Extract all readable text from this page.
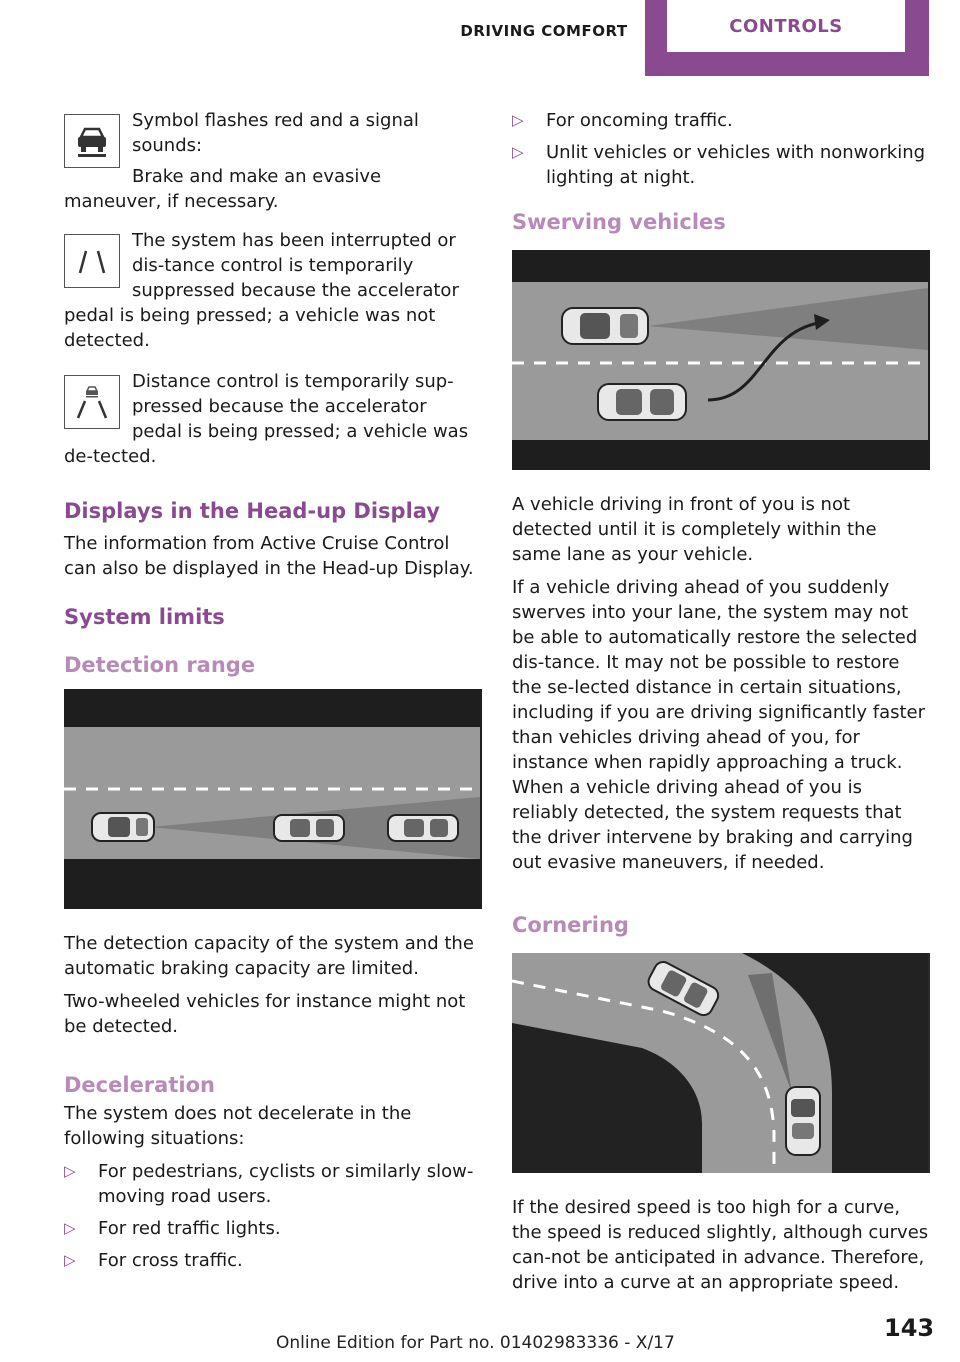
DRIVING COMFORT	CONTROLS

Symbol flashes red and a signal sounds:

Brake and make an evasive maneuver, if necessary.

The system has been interrupted or dis-tance control is temporarily suppressed because the accelerator pedal is being pressed; a vehicle was not detected.

Distance control is temporarily sup-pressed because the accelerator pedal is being pressed; a vehicle was de-tected.

Displays in the Head-up Display

The information from Active Cruise Control can also be displayed in the Head-up Display.

System limits
Detection range

The detection capacity of the system and the automatic braking capacity are limited.

Two-wheeled vehicles for instance might not be detected.

Deceleration

The system does not decelerate in the following situations:

▷ For pedestrians, cyclists or similarly slow-moving road users.
▷ For red traffic lights.
▷ For cross traffic.
▷ For oncoming traffic.
▷ Unlit vehicles or vehicles with nonworking lighting at night.
Swerving vehicles

A vehicle driving in front of you is not detected until it is completely within the same lane as your vehicle.

If a vehicle driving ahead of you suddenly swerves into your lane, the system may not be able to automatically restore the selected dis-tance. It may not be possible to restore the se-lected distance in certain situations, including if you are driving significantly faster than vehicles driving ahead of you, for instance when rapidly approaching a truck. When a vehicle driving ahead of you is reliably detected, the system requests that the driver intervene by braking and carrying out evasive maneuvers, if needed.

Cornering

If the desired speed is too high for a curve, the speed is reduced slightly, although curves can-not be anticipated in advance. Therefore, drive into a curve at an appropriate speed.

143
Online Edition for Part no. 01402983336 - X/17
